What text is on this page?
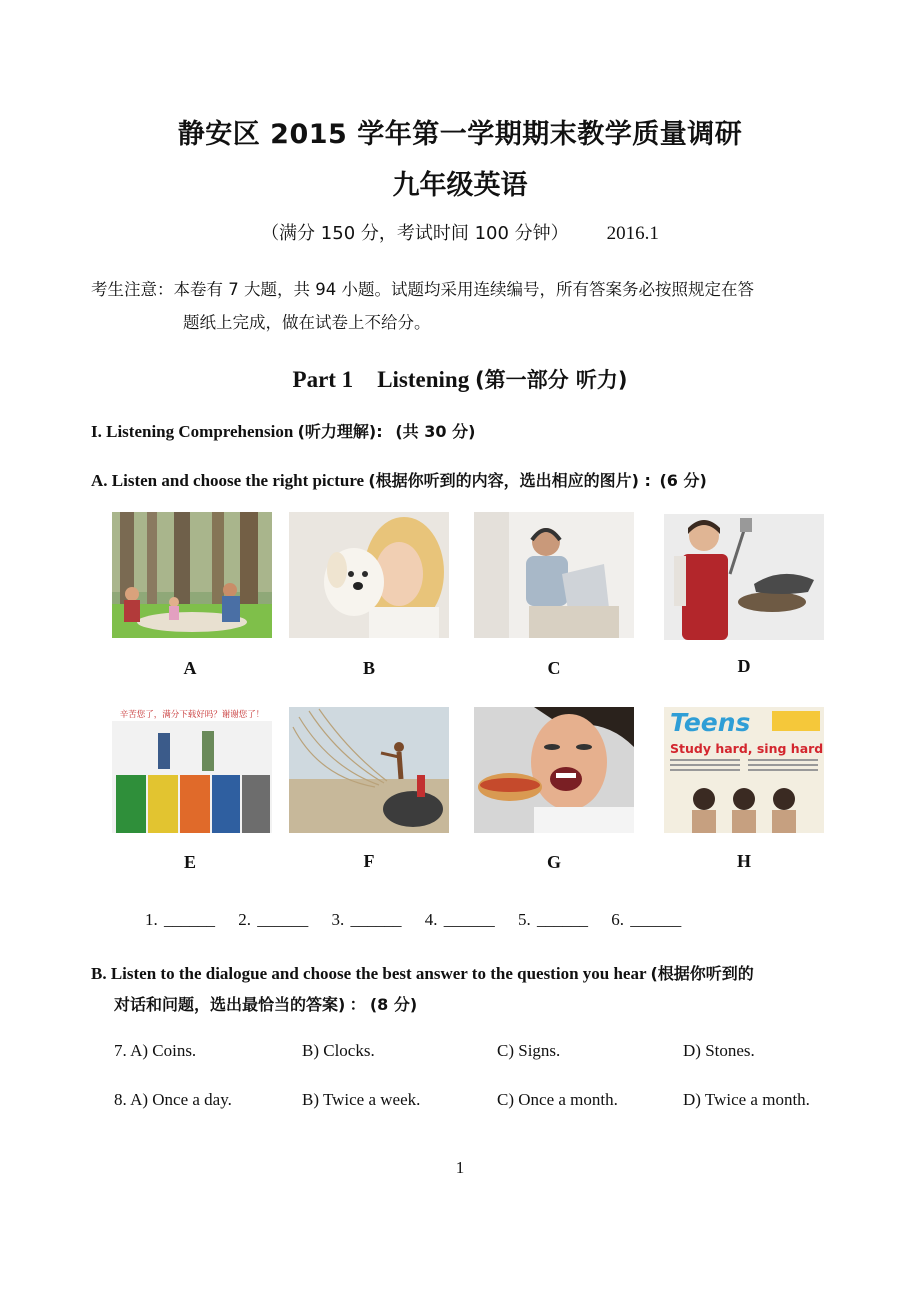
静安区 2015 学年第一学期期末教学质量调研
九年级英语
（满分 150 分，考试时间 100 分钟） 2016.1
考生注意：本卷有 7 大题，共 94 小题。试题均采用连续编号，所有答案务必按照规定在答
题纸上完成，做在试卷上不给分。
Part 1 Listening (第一部分 听力)
I. Listening Comprehension (听力理解): (共 30 分)
A. Listen and choose the right picture (根据你听到的内容，选出相应的图片) : (6 分)
A	B	C	D
辛苦您了，满分下载好吗？谢谢您了！
E	F	G
Teens
Study hard, sing hard
H
1. ______ 2. ______ 3. ______ 4. ______ 5. ______ 6. ______
B. Listen to the dialogue and choose the best answer to the question you hear (根据你听到的
对话和问题，选出最恰当的答案) ： (8 分)
7. A) Coins.	B) Clocks.	C) Signs.	D) Stones.
8. A) Once a day.	B) Twice a week.	C) Once a month.	D) Twice a month.
1
